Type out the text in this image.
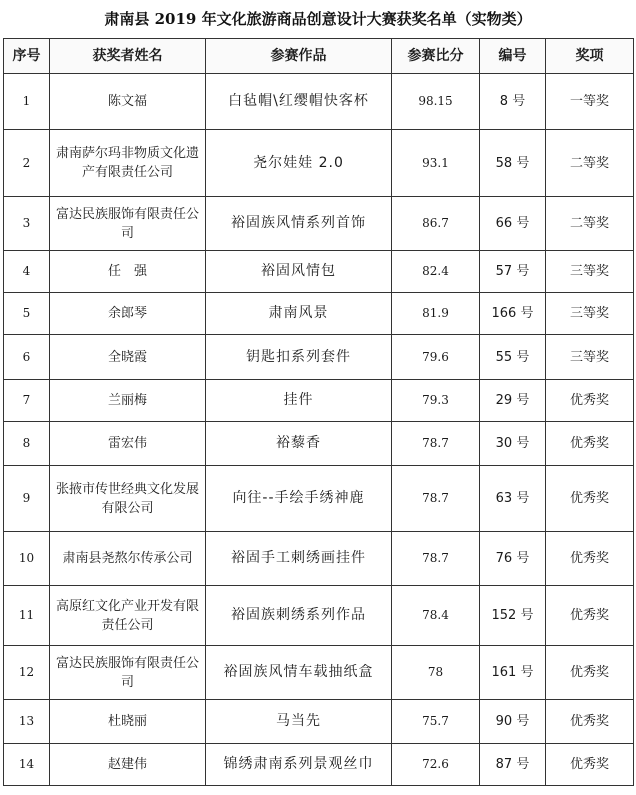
肃南县 2019 年文化旅游商品创意设计大赛获奖名单（实物类）
序号	获奖者姓名	参赛作品	参赛比分	编号	奖项
1	陈文福	白毡帽\红缨帽快客杯	98.15	8 号	一等奖
2	肃南萨尔玛非物质文化遗产有限责任公司	尧尔娃娃 2.0	93.1	58 号	二等奖
3	富达民族服饰有限责任公司	裕固族风情系列首饰	86.7	66 号	二等奖
4	任　强	裕固风情包	82.4	57 号	三等奖
5	余郎琴	肃南风景	81.9	166 号	三等奖
6	全晓霞	钥匙扣系列套件	79.6	55 号	三等奖
7	兰丽梅	挂件	79.3	29 号	优秀奖
8	雷宏伟	裕藜香	78.7	30 号	优秀奖
9	张掖市传世经典文化发展有限公司	向往--手绘手绣神鹿	78.7	63 号	优秀奖
10	肃南县尧熬尔传承公司	裕固手工刺绣画挂件	78.7	76 号	优秀奖
11	高原红文化产业开发有限责任公司	裕固族刺绣系列作品	78.4	152 号	优秀奖
12	富达民族服饰有限责任公司	裕固族风情车载抽纸盒	78	161 号	优秀奖
13	杜晓丽	马当先	75.7	90 号	优秀奖
14	赵建伟	锦绣肃南系列景观丝巾	72.6	87 号	优秀奖
